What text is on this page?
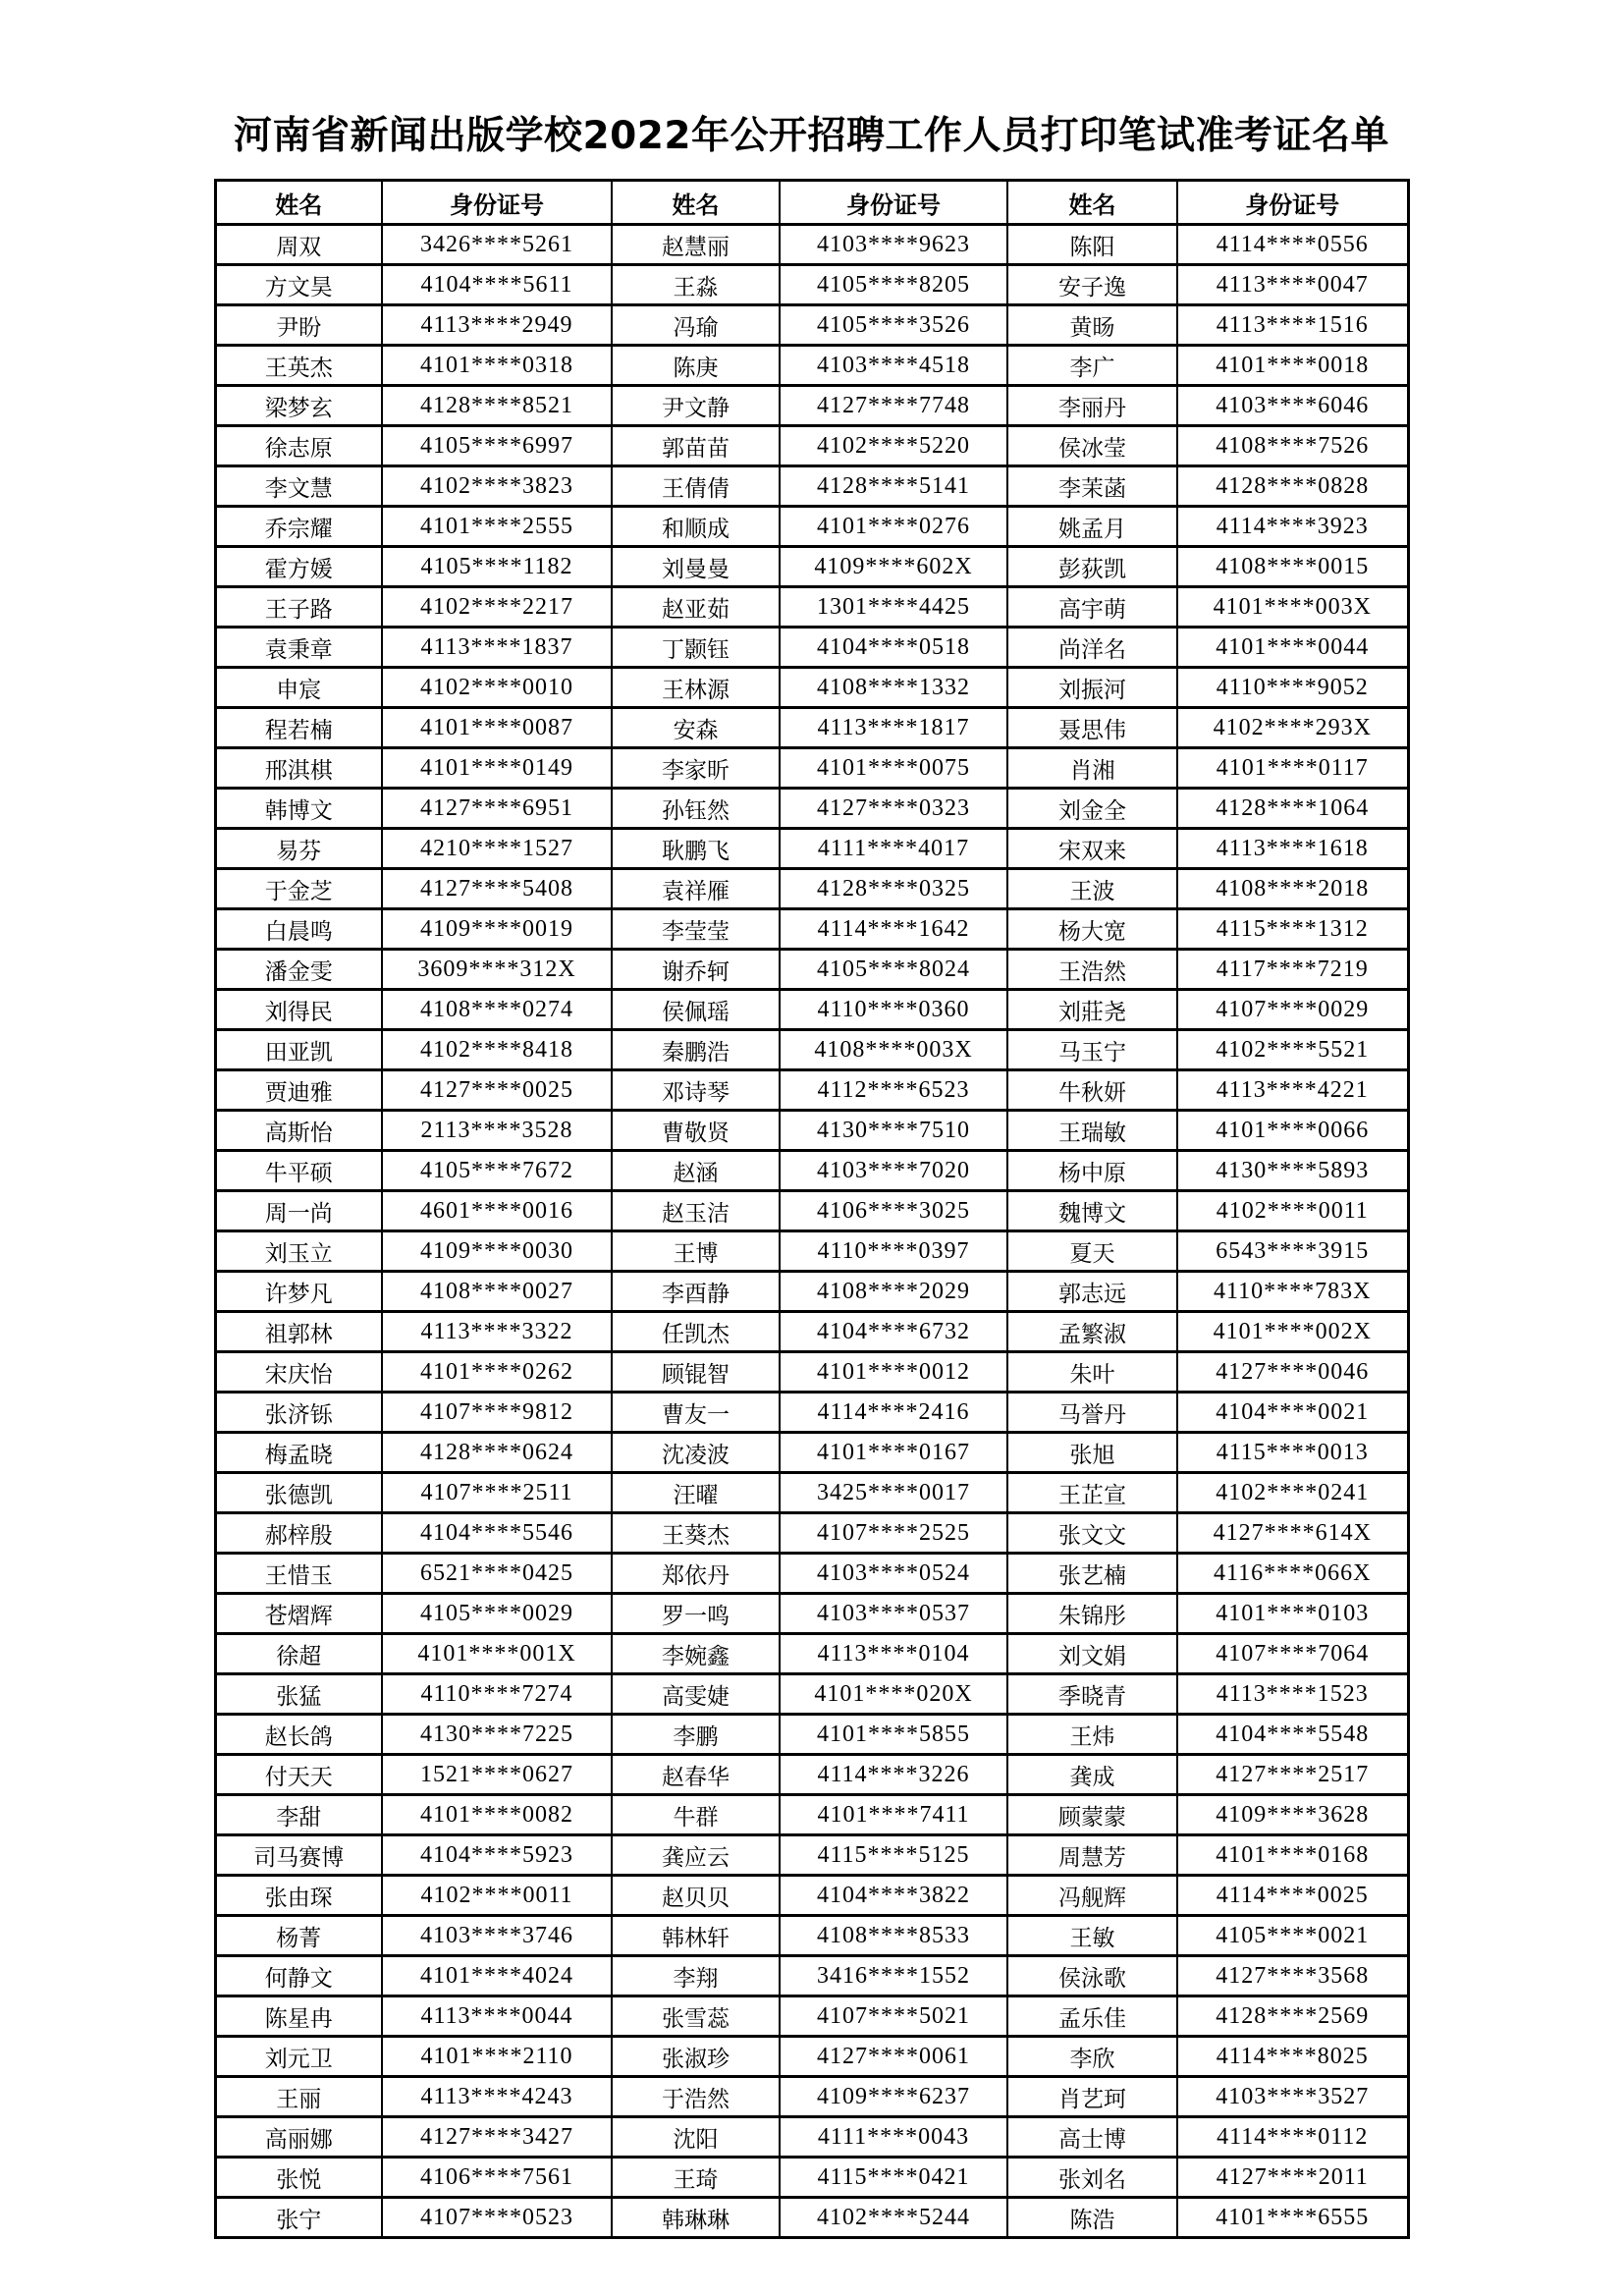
河南省新闻出版学校2022年公开招聘工作人员打印笔试准考证名单
姓名	身份证号	姓名	身份证号	姓名	身份证号
周双	3426****5261	赵慧丽	4103****9623	陈阳	4114****0556
方文昊	4104****5611	王淼	4105****8205	安子逸	4113****0047
尹盼	4113****2949	冯瑜	4105****3526	黄旸	4113****1516
王英杰	4101****0318	陈庚	4103****4518	李广	4101****0018
梁梦玄	4128****8521	尹文静	4127****7748	李丽丹	4103****6046
徐志原	4105****6997	郭苗苗	4102****5220	侯冰莹	4108****7526
李文慧	4102****3823	王倩倩	4128****5141	李茉菡	4128****0828
乔宗耀	4101****2555	和顺成	4101****0276	姚孟月	4114****3923
霍方媛	4105****1182	刘曼曼	4109****602X	彭荻凯	4108****0015
王子路	4102****2217	赵亚茹	1301****4425	高宇萌	4101****003X
袁秉章	4113****1837	丁颢钰	4104****0518	尚洋名	4101****0044
申宸	4102****0010	王林源	4108****1332	刘振河	4110****9052
程若楠	4101****0087	安森	4113****1817	聂思伟	4102****293X
邢淇棋	4101****0149	李家昕	4101****0075	肖湘	4101****0117
韩博文	4127****6951	孙钰然	4127****0323	刘金全	4128****1064
易芬	4210****1527	耿鹏飞	4111****4017	宋双来	4113****1618
于金芝	4127****5408	袁祥雁	4128****0325	王波	4108****2018
白晨鸣	4109****0019	李莹莹	4114****1642	杨大宽	4115****1312
潘金雯	3609****312X	谢乔轲	4105****8024	王浩然	4117****7219
刘得民	4108****0274	侯佩瑶	4110****0360	刘莊尧	4107****0029
田亚凯	4102****8418	秦鹏浩	4108****003X	马玉宁	4102****5521
贾迪雅	4127****0025	邓诗琴	4112****6523	牛秋妍	4113****4221
高斯怡	2113****3528	曹敬贤	4130****7510	王瑞敏	4101****0066
牛平硕	4105****7672	赵涵	4103****7020	杨中原	4130****5893
周一尚	4601****0016	赵玉洁	4106****3025	魏博文	4102****0011
刘玉立	4109****0030	王博	4110****0397	夏天	6543****3915
许梦凡	4108****0027	李酉静	4108****2029	郭志远	4110****783X
祖郭林	4113****3322	任凯杰	4104****6732	孟繁淑	4101****002X
宋庆怡	4101****0262	顾锟智	4101****0012	朱叶	4127****0046
张济铄	4107****9812	曹友一	4114****2416	马誉丹	4104****0021
梅孟晓	4128****0624	沈凌波	4101****0167	张旭	4115****0013
张德凯	4107****2511	汪曜	3425****0017	王芷宣	4102****0241
郝梓殷	4104****5546	王葵杰	4107****2525	张文文	4127****614X
王惜玉	6521****0425	郑依丹	4103****0524	张艺楠	4116****066X
苍熠辉	4105****0029	罗一鸣	4103****0537	朱锦彤	4101****0103
徐超	4101****001X	李婉鑫	4113****0104	刘文娟	4107****7064
张猛	4110****7274	高雯婕	4101****020X	季晓青	4113****1523
赵长鸽	4130****7225	李鹏	4101****5855	王炜	4104****5548
付天天	1521****0627	赵春华	4114****3226	龚成	4127****2517
李甜	4101****0082	牛群	4101****7411	顾蒙蒙	4109****3628
司马赛博	4104****5923	龚应云	4115****5125	周慧芳	4101****0168
张由琛	4102****0011	赵贝贝	4104****3822	冯舰辉	4114****0025
杨菁	4103****3746	韩林轩	4108****8533	王敏	4105****0021
何静文	4101****4024	李翔	3416****1552	侯泳歌	4127****3568
陈星冉	4113****0044	张雪蕊	4107****5021	孟乐佳	4128****2569
刘元卫	4101****2110	张淑珍	4127****0061	李欣	4114****8025
王丽	4113****4243	于浩然	4109****6237	肖艺珂	4103****3527
高丽娜	4127****3427	沈阳	4111****0043	高士博	4114****0112
张悦	4106****7561	王琦	4115****0421	张刘名	4127****2011
张宁	4107****0523	韩琳琳	4102****5244	陈浩	4101****6555
